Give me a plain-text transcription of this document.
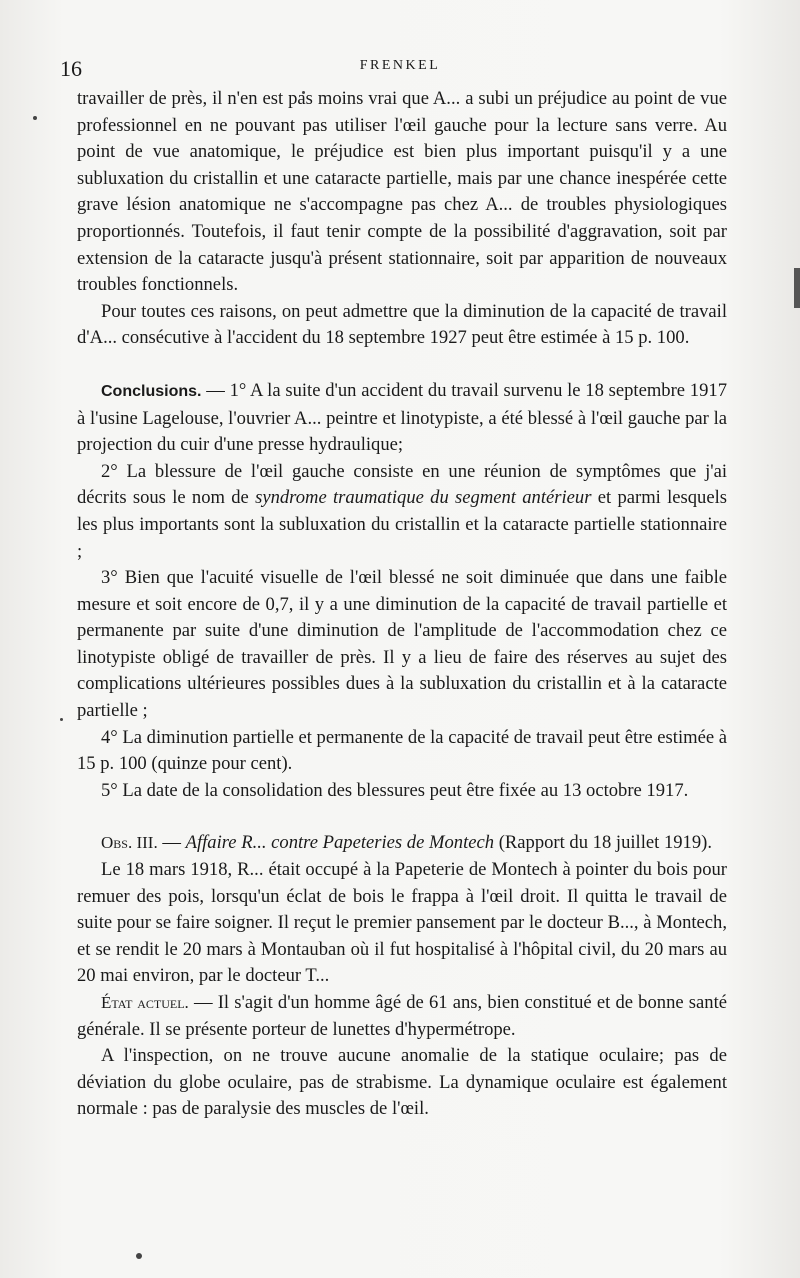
16	FRENKEL

travailler de près, il n'en est pas moins vrai que A... a subi un préjudice au point de vue professionnel en ne pouvant pas utiliser l'œil gauche pour la lecture sans verre. Au point de vue anatomique, le préjudice est bien plus important puisqu'il y a une subluxation du cristallin et une cataracte partielle, mais par une chance inespérée cette grave lésion anatomique ne s'accompagne pas chez A... de troubles physiologiques proportionnés. Toutefois, il faut tenir compte de la possibilité d'aggravation, soit par extension de la cataracte jusqu'à présent stationnaire, soit par apparition de nouveaux troubles fonctionnels.

Pour toutes ces raisons, on peut admettre que la diminution de la capacité de travail d'A... consécutive à l'accident du 18 septembre 1927 peut être estimée à 15 p. 100.

Conclusions. — 1° A la suite d'un accident du travail survenu le 18 septembre 1917 à l'usine Lagelouse, l'ouvrier A... peintre et linotypiste, a été blessé à l'œil gauche par la projection du cuir d'une presse hydraulique;

2° La blessure de l'œil gauche consiste en une réunion de symptômes que j'ai décrits sous le nom de syndrome traumatique du segment antérieur et parmi lesquels les plus importants sont la subluxation du cristallin et la cataracte partielle stationnaire ;

3° Bien que l'acuité visuelle de l'œil blessé ne soit diminuée que dans une faible mesure et soit encore de 0,7, il y a une diminution de la capacité de travail partielle et permanente par suite d'une diminution de l'amplitude de l'accommodation chez ce linotypiste obligé de travailler de près. Il y a lieu de faire des réserves au sujet des complications ultérieures possibles dues à la subluxation du cristallin et à la cataracte partielle ;

4° La diminution partielle et permanente de la capacité de travail peut être estimée à 15 p. 100 (quinze pour cent).

5° La date de la consolidation des blessures peut être fixée au 13 octobre 1917.

Obs. III. — Affaire R... contre Papeteries de Montech (Rapport du 18 juillet 1919).

Le 18 mars 1918, R... était occupé à la Papeterie de Montech à pointer du bois pour remuer des pois, lorsqu'un éclat de bois le frappa à l'œil droit. Il quitta le travail de suite pour se faire soigner. Il reçut le premier pansement par le docteur B..., à Montech, et se rendit le 20 mars à Montauban où il fut hospitalisé à l'hôpital civil, du 20 mars au 20 mai environ, par le docteur T...

État actuel. — Il s'agit d'un homme âgé de 61 ans, bien constitué et de bonne santé générale. Il se présente porteur de lunettes d'hypermétrope.

A l'inspection, on ne trouve aucune anomalie de la statique oculaire; pas de déviation du globe oculaire, pas de strabisme. La dynamique oculaire est également normale : pas de paralysie des muscles de l'œil.
